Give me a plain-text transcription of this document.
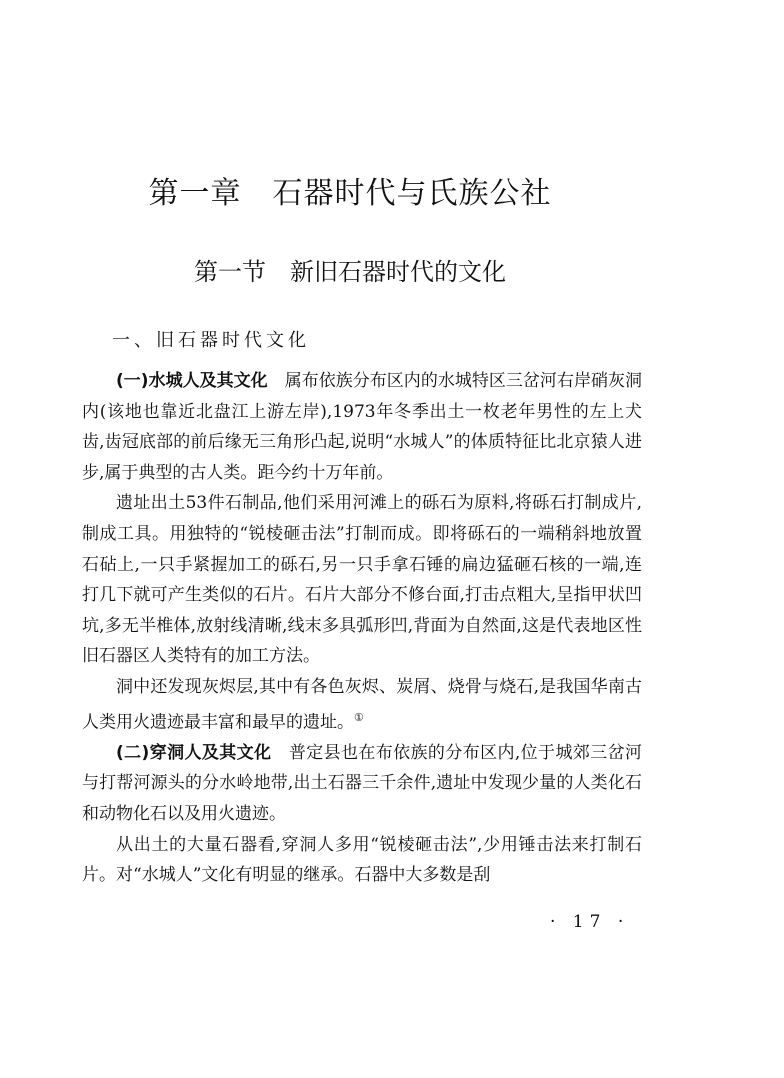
第一章　石器时代与氏族公社
第一节　新旧石器时代的文化
一、旧石器时代文化

(一)水城人及其文化　属布依族分布区内的水城特区三岔河右岸硝灰洞内(该地也靠近北盘江上游左岸),1973年冬季出土一枚老年男性的左上犬齿,齿冠底部的前后缘无三角形凸起,说明“水城人”的体质特征比北京猿人进步,属于典型的古人类。距今约十万年前。

遗址出土53件石制品,他们采用河滩上的砾石为原料,将砾石打制成片,制成工具。用独特的“锐棱砸击法”打制而成。即将砾石的一端稍斜地放置石砧上,一只手紧握加工的砾石,另一只手拿石锤的扁边猛砸石核的一端,连打几下就可产生类似的石片。石片大部分不修台面,打击点粗大,呈指甲状凹坑,多无半椎体,放射线清晰,线末多具弧形凹,背面为自然面,这是代表地区性旧石器区人类特有的加工方法。

洞中还发现灰烬层,其中有各色灰烬、炭屑、烧骨与烧石,是我国华南古人类用火遗迹最丰富和最早的遗址。①

(二)穿洞人及其文化　普定县也在布依族的分布区内,位于城郊三岔河与打帮河源头的分水岭地带,出土石器三千余件,遗址中发现少量的人类化石和动物化石以及用火遗迹。

从出土的大量石器看,穿洞人多用“锐棱砸击法”,少用锤击法来打制石片。对“水城人”文化有明显的继承。石器中大多数是刮

· 17 ·
